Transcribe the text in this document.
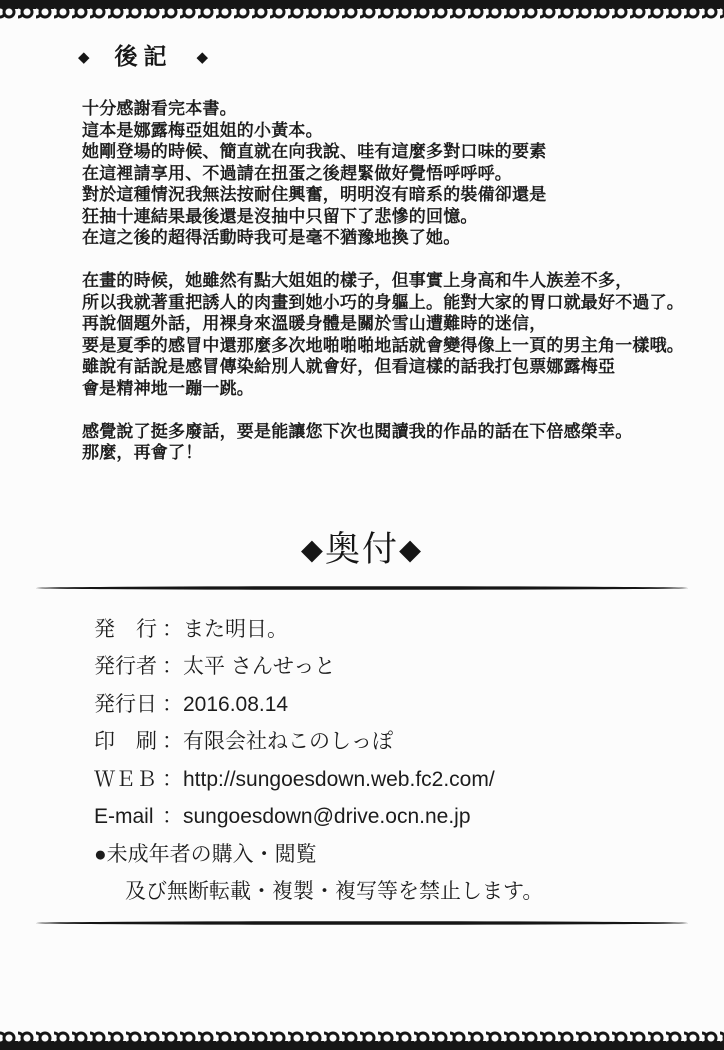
◆ 後記 ◆
十分感謝看完本書。
這本是娜露梅亞姐姐的小黃本。
她剛登場的時候、簡直就在向我說、哇有這麼多對口味的要素
在這裡請享用、不過請在扭蛋之後趕緊做好覺悟呼呼呼。
對於這種情況我無法按耐住興奮，明明沒有暗系的裝備卻還是
狂抽十連結果最後還是沒抽中只留下了悲慘的回憶。
在這之後的超得活動時我可是毫不猶豫地換了她。
在畫的時候，她雖然有點大姐姐的樣子，但事實上身高和牛人族差不多，
所以我就著重把誘人的肉畫到她小巧的身軀上。能對大家的胃口就最好不過了。
再說個題外話，用裸身來溫暖身體是關於雪山遭難時的迷信，
要是夏季的感冒中還那麼多次地啪啪啪地話就會變得像上一頁的男主角一樣哦。
雖說有話說是感冒傳染給別人就會好，但看這樣的話我打包票娜露梅亞
會是精神地一蹦一跳。
感覺說了挺多廢話，要是能讓您下次也閱讀我的作品的話在下倍感榮幸。
那麼，再會了！
◆奥付◆
発　行 ：また明日。
発行者 ：太平 さんせっと
発行日 ：2016.08.14
印　刷 ：有限会社ねこのしっぽ
ＷＥＢ ：http://sungoesdown.web.fc2.com/
E-mail ：sungoesdown@drive.ocn.ne.jp
●未成年者の購入・閲覧
及び無断転載・複製・複写等を禁止します。
